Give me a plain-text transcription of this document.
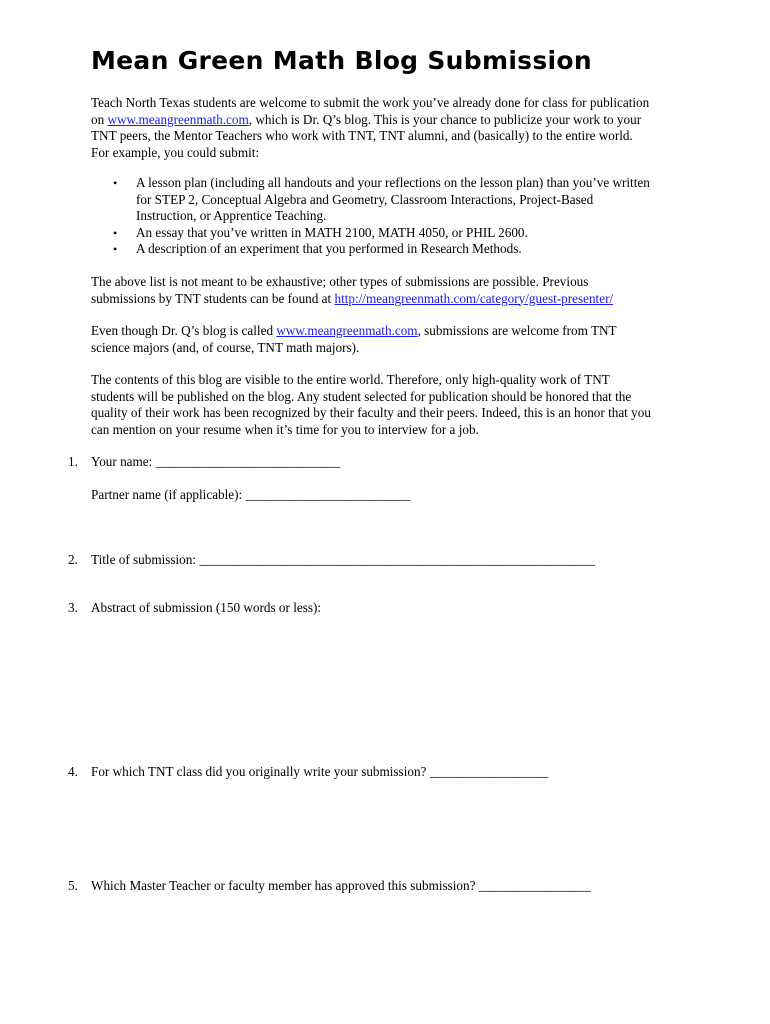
Mean Green Math Blog Submission

Teach North Texas students are welcome to submit the work you’ve already done for class for publication
on www.meangreenmath.com, which is Dr. Q’s blog. This is your chance to publicize your work to your
TNT peers, the Mentor Teachers who work with TNT, TNT alumni, and (basically) to the entire world.
For example, you could submit:

• A lesson plan (including all handouts and your reflections on the lesson plan) than you’ve written
for STEP 2, Conceptual Algebra and Geometry, Classroom Interactions, Project-Based
Instruction, or Apprentice Teaching.
• An essay that you’ve written in MATH 2100, MATH 4050, or PHIL 2600.
• A description of an experiment that you performed in Research Methods.

The above list is not meant to be exhaustive; other types of submissions are possible. Previous
submissions by TNT students can be found at http://meangreenmath.com/category/guest-presenter/

Even though Dr. Q’s blog is called www.meangreenmath.com, submissions are welcome from TNT
science majors (and, of course, TNT math majors).

The contents of this blog are visible to the entire world. Therefore, only high-quality work of TNT
students will be published on the blog. Any student selected for publication should be honored that the
quality of their work has been recognized by their faculty and their peers. Indeed, this is an honor that you
can mention on your resume when it’s time for you to interview for a job.

1. Your name: ____________________________
Partner name (if applicable): _________________________
2. Title of submission: ____________________________________________________________
3. Abstract of submission (150 words or less):
4. For which TNT class did you originally write your submission? __________________
5. Which Master Teacher or faculty member has approved this submission? _________________
